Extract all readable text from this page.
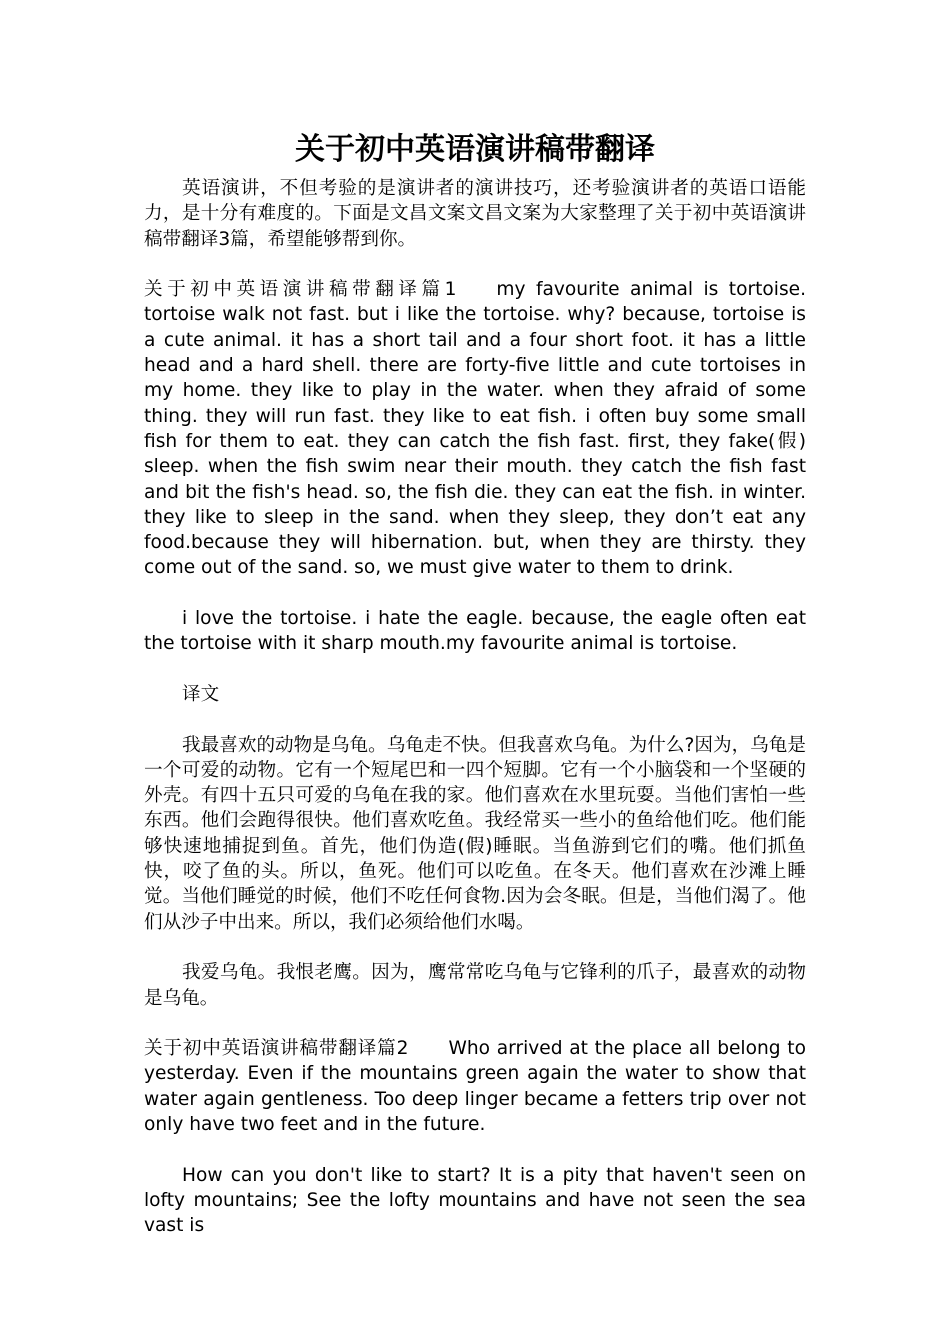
关于初中英语演讲稿带翻译

英语演讲，不但考验的是演讲者的演讲技巧，还考验演讲者的英语口语能力，是十分有难度的。下面是文昌文案文昌文案为大家整理了关于初中英语演讲稿带翻译3篇，希望能够帮到你。

关于初中英语演讲稿带翻译篇1 my favourite animal is tortoise. tortoise walk not fast. but i like the tortoise. why? because, tortoise is a cute animal. it has a short tail and a four short foot. it has a little head and a hard shell. there are forty-five little and cute tortoises in my home. they like to play in the water. when they afraid of some thing. they will run fast. they like to eat fish. i often buy some small fish for them to eat. they can catch the fish fast. first, they fake(假) sleep. when the fish swim near their mouth. they catch the fish fast and bit the fish's head. so, the fish die. they can eat the fish. in winter. they like to sleep in the sand. when they sleep, they don’t eat any food.because they will hibernation. but, when they are thirsty. they come out of the sand. so, we must give water to them to drink.

i love the tortoise. i hate the eagle. because, the eagle often eat the tortoise with it sharp mouth.my favourite animal is tortoise.

译文

我最喜欢的动物是乌龟。乌龟走不快。但我喜欢乌龟。为什么?因为，乌龟是一个可爱的动物。它有一个短尾巴和一四个短脚。它有一个小脑袋和一个坚硬的外壳。有四十五只可爱的乌龟在我的家。他们喜欢在水里玩耍。当他们害怕一些东西。他们会跑得很快。他们喜欢吃鱼。我经常买一些小的鱼给他们吃。他们能够快速地捕捉到鱼。首先，他们伪造(假)睡眠。当鱼游到它们的嘴。他们抓鱼快，咬了鱼的头。所以，鱼死。他们可以吃鱼。在冬天。他们喜欢在沙滩上睡觉。当他们睡觉的时候，他们不吃任何食物.因为会冬眠。但是，当他们渴了。他们从沙子中出来。所以，我们必须给他们水喝。

我爱乌龟。我恨老鹰。因为，鹰常常吃乌龟与它锋利的爪子，最喜欢的动物是乌龟。

关于初中英语演讲稿带翻译篇2 Who arrived at the place all belong to yesterday. Even if the mountains green again the water to show that water again gentleness. Too deep linger became a fetters trip over not only have two feet and in the future.

How can you don't like to start? It is a pity that haven't seen on lofty mountains; See the lofty mountains and have not seen the sea vast is
